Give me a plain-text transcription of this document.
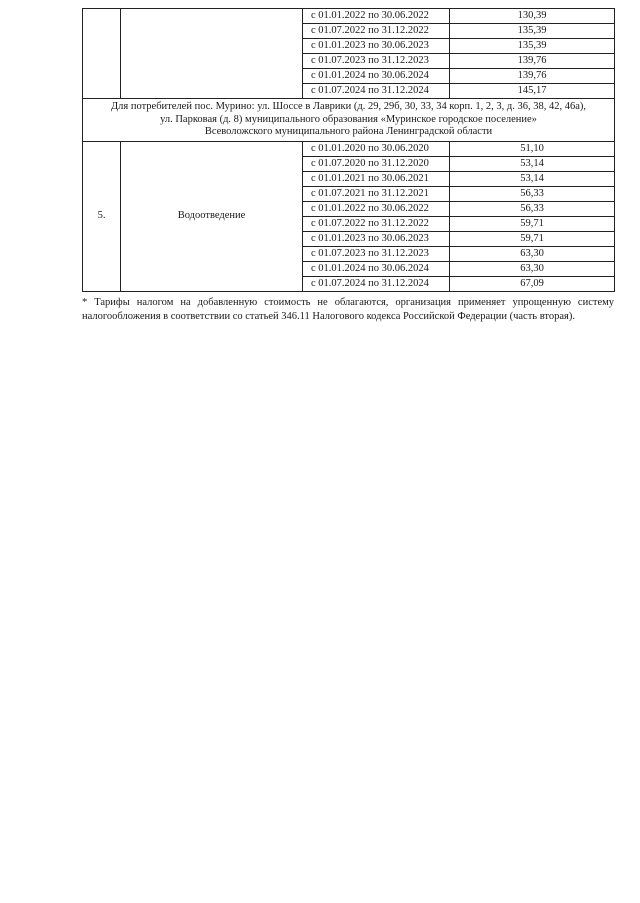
		с 01.01.2022 по 30.06.2022	130,39
		с 01.07.2022 по 31.12.2022	135,39
		с 01.01.2023 по 30.06.2023	135,39
		с 01.07.2023 по 31.12.2023	139,76
		с 01.01.2024 по 30.06.2024	139,76
		с 01.07.2024 по 31.12.2024	145,17

Для потребителей пос. Мурино: ул. Шоссе в Лаврики (д. 29, 29б, 30, 33, 34 корп. 1, 2, 3, д. 36, 38, 42, 46а),
ул. Парковая (д. 8) муниципального образования «Муринское городское поселение»
Всеволожского муниципального района Ленинградской области			

5.	Водоотведение	с 01.01.2020 по 30.06.2020	51,10
		с 01.07.2020 по 31.12.2020	53,14
		с 01.01.2021 по 30.06.2021	53,14
		с 01.07.2021 по 31.12.2021	56,33
		с 01.01.2022 по 30.06.2022	56,33
		с 01.07.2022 по 31.12.2022	59,71
		с 01.01.2023 по 30.06.2023	59,71
		с 01.07.2023 по 31.12.2023	63,30
		с 01.01.2024 по 30.06.2024	63,30
		с 01.07.2024 по 31.12.2024	67,09

* Тарифы налогом на добавленную стоимость не облагаются, организация применяет упрощенную систему налогообложения в соответствии со статьей 346.11 Налогового кодекса Российской Федерации (часть вторая).
